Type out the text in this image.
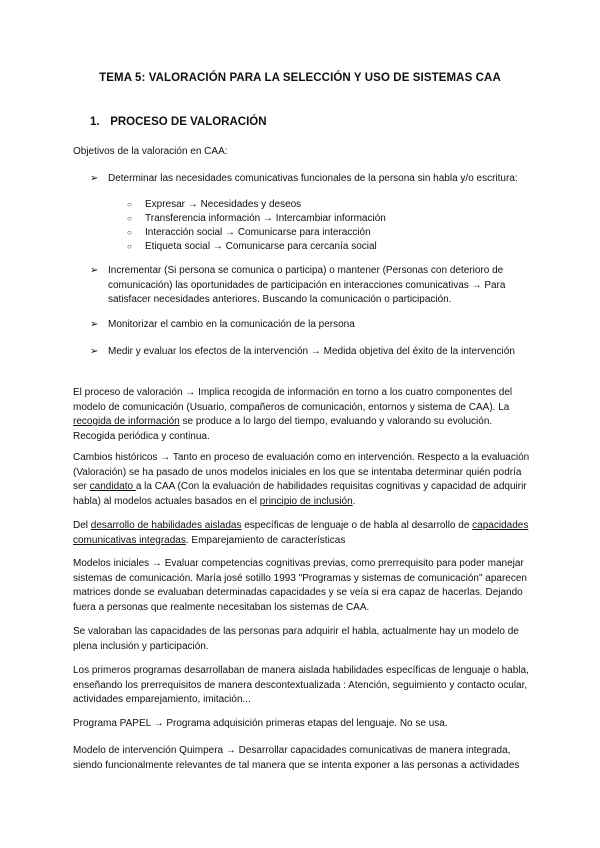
TEMA 5: VALORACIÓN PARA LA SELECCIÓN Y USO DE SISTEMAS CAA
1. PROCESO DE VALORACIÓN
Objetivos de la valoración en CAA:
➢ Determinar las necesidades comunicativas funcionales de la persona sin habla y/o escritura:
○ Expresar → Necesidades y deseos
○ Transferencia información → Intercambiar información
○ Interacción social → Comunicarse para interacción
○ Etiqueta social → Comunicarse para cercanía social
➢ Incrementar (Si persona se comunica o participa) o mantener (Personas con deterioro de comunicación) las oportunidades de participación en interacciones comunicativas → Para satisfacer necesidades anteriores. Buscando la comunicación o participación.
➢ Monitorizar el cambio en la comunicación de la persona
➢ Medir y evaluar los efectos de la intervención → Medida objetiva del éxito de la intervención
El proceso de valoración → Implica recogida de información en torno a los cuatro componentes del modelo de comunicación (Usuario, compañeros de comunicación, entornos y sistema de CAA). La recogida de información se produce a lo largo del tiempo, evaluando y valorando su evolución. Recogida periódica y continua.
Cambios históricos → Tanto en proceso de evaluación como en intervención. Respecto a la evaluación (Valoración) se ha pasado de unos modelos iniciales en los que se intentaba determinar quién podría ser candidato a la CAA (Con la evaluación de habilidades requisitas cognitivas y capacidad de adquirir habla) al modelos actuales basados en el principio de inclusión.
Del desarrollo de habilidades aisladas específicas de lenguaje o de habla al desarrollo de capacidades comunicativas integradas. Emparejamiento de características
Modelos iniciales → Evaluar competencias cognitivas previas, como prerrequisito para poder manejar sistemas de comunicación. María josé sotillo 1993 "Programas y sistemas de comunicación" aparecen matrices donde se evaluaban determinadas capacidades y se veía si era capaz de hacerlas. Dejando fuera a personas que realmente necesitaban los sistemas de CAA.
Se valoraban las capacidades de las personas para adquirir el habla, actualmente hay un modelo de plena inclusión y participación.
Los primeros programas desarrollaban de manera aislada habilidades específicas de lenguaje o habla, enseñando los prerrequisitos de manera descontextualizada : Atención, seguimiento y contacto ocular, actividades emparejamiento, imitación...
Programa PAPEL → Programa adquisición primeras etapas del lenguaje. No se usa.
Modelo de intervención Quimpera → Desarrollar capacidades comunicativas de manera integrada, siendo funcionalmente relevantes de tal manera que se intenta exponer a las personas a actividades
